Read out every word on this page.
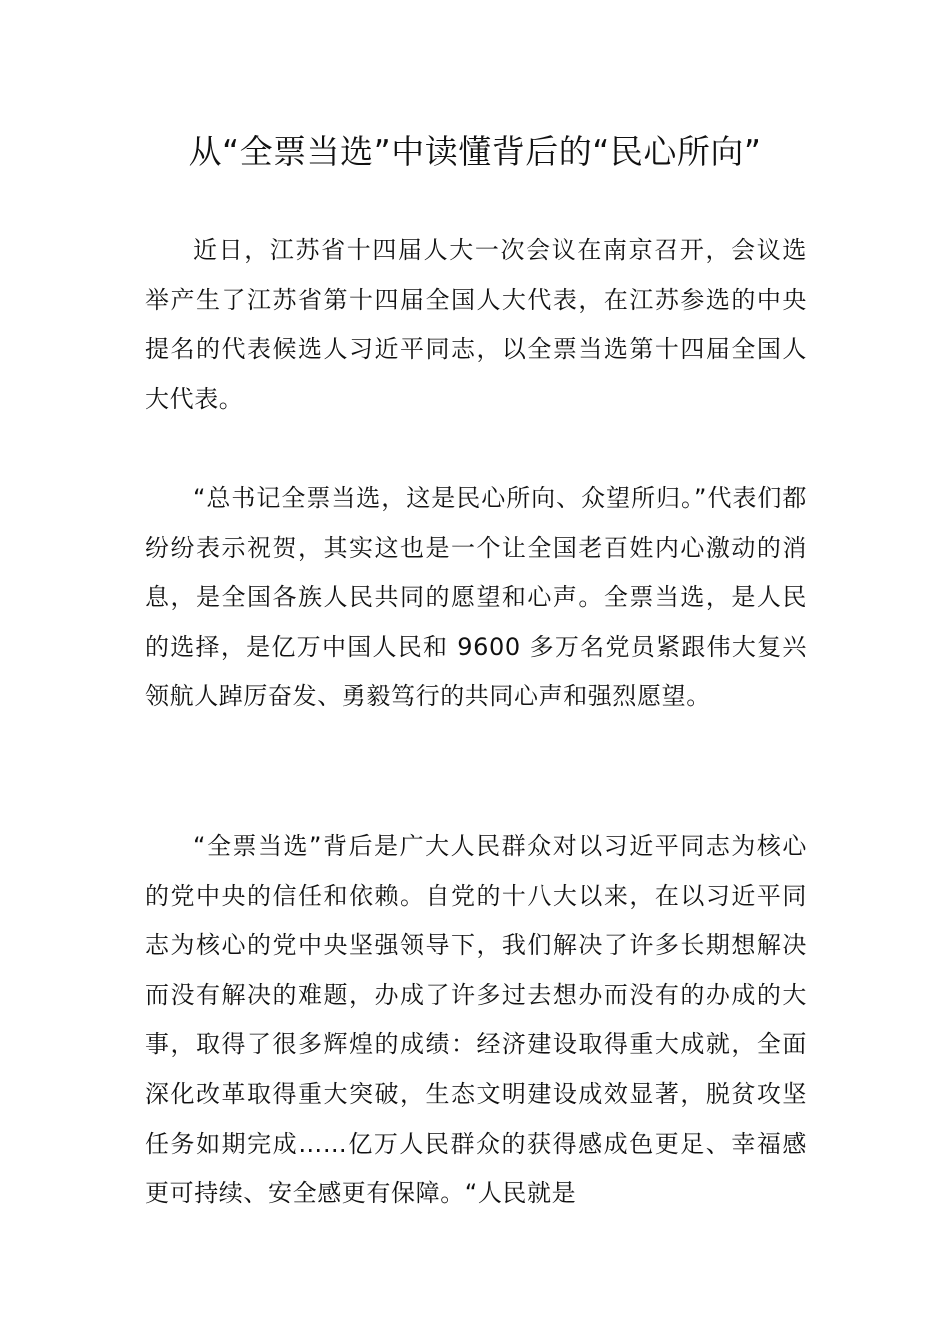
从“全票当选”中读懂背后的“民心所向”

近日，江苏省十四届人大一次会议在南京召开，会议选举产生了江苏省第十四届全国人大代表，在江苏参选的中央提名的代表候选人习近平同志，以全票当选第十四届全国人大代表。

“总书记全票当选，这是民心所向、众望所归。”代表们都纷纷表示祝贺，其实这也是一个让全国老百姓内心激动的消息，是全国各族人民共同的愿望和心声。全票当选，是人民的选择，是亿万中国人民和 9600 多万名党员紧跟伟大复兴领航人踔厉奋发、勇毅笃行的共同心声和强烈愿望。

“全票当选”背后是广大人民群众对以习近平同志为核心的党中央的信任和依赖。自党的十八大以来，在以习近平同志为核心的党中央坚强领导下，我们解决了许多长期想解决而没有解决的难题，办成了许多过去想办而没有的办成的大事，取得了很多辉煌的成绩：经济建设取得重大成就，全面深化改革取得重大突破，生态文明建设成效显著，脱贫攻坚任务如期完成……亿万人民群众的获得感成色更足、幸福感更可持续、安全感更有保障。“人民就是
